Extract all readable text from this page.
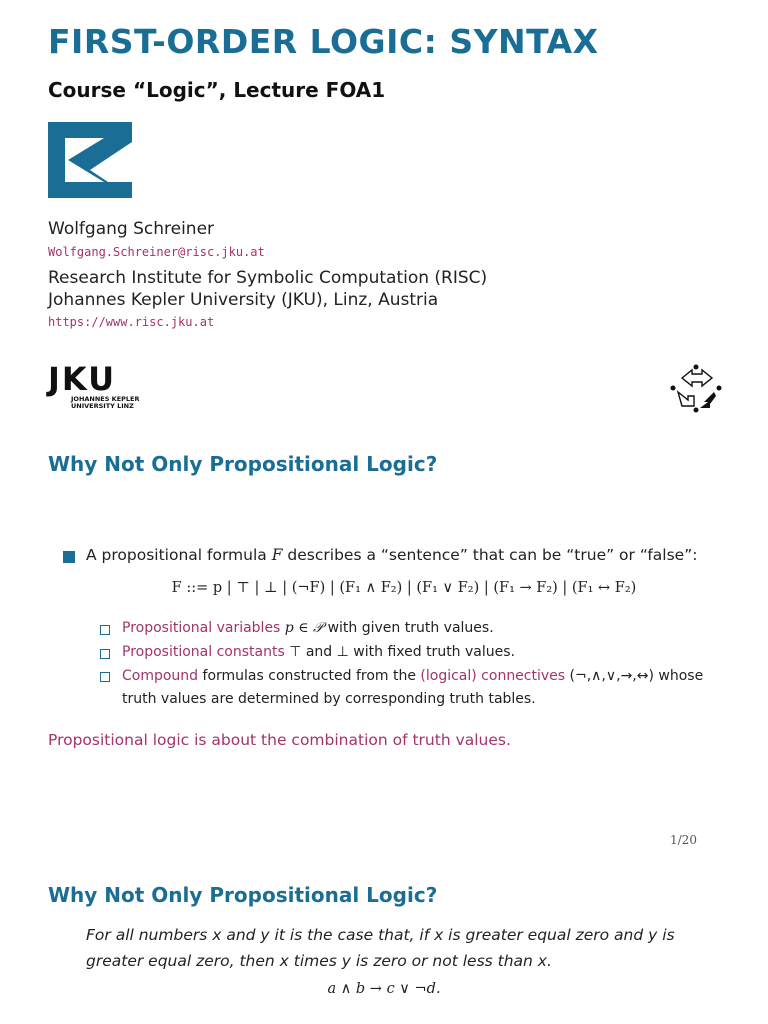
FIRST-ORDER LOGIC: SYNTAX
Course “Logic”, Lecture FOA1
Wolfgang Schreiner
Wolfgang.Schreiner@risc.jku.at
Research Institute for Symbolic Computation (RISC)
Johannes Kepler University (JKU), Linz, Austria
https://www.risc.jku.at
JKU
JOHANNES KEPLER
UNIVERSITY LINZ
Why Not Only Propositional Logic?
A propositional formula F describes a “sentence” that can be “true” or “false”:
F ::= p | ⊤ | ⊥ | (¬F) | (F₁ ∧ F₂) | (F₁ ∨ F₂) | (F₁ → F₂) | (F₁ ↔ F₂)
Propositional variables p ∈ 𝒫 with given truth values.
Propositional constants ⊤ and ⊥ with fixed truth values.
Compound formulas constructed from the (logical) connectives (¬,∧,∨,→,↔) whose
truth values are determined by corresponding truth tables.
Propositional logic is about the combination of truth values.
1/20
Why Not Only Propositional Logic?
For all numbers x and y it is the case that, if x is greater equal zero and y is greater equal zero, then x times y is zero or not less than x.
a ∧ b → c ∨ ¬d.
